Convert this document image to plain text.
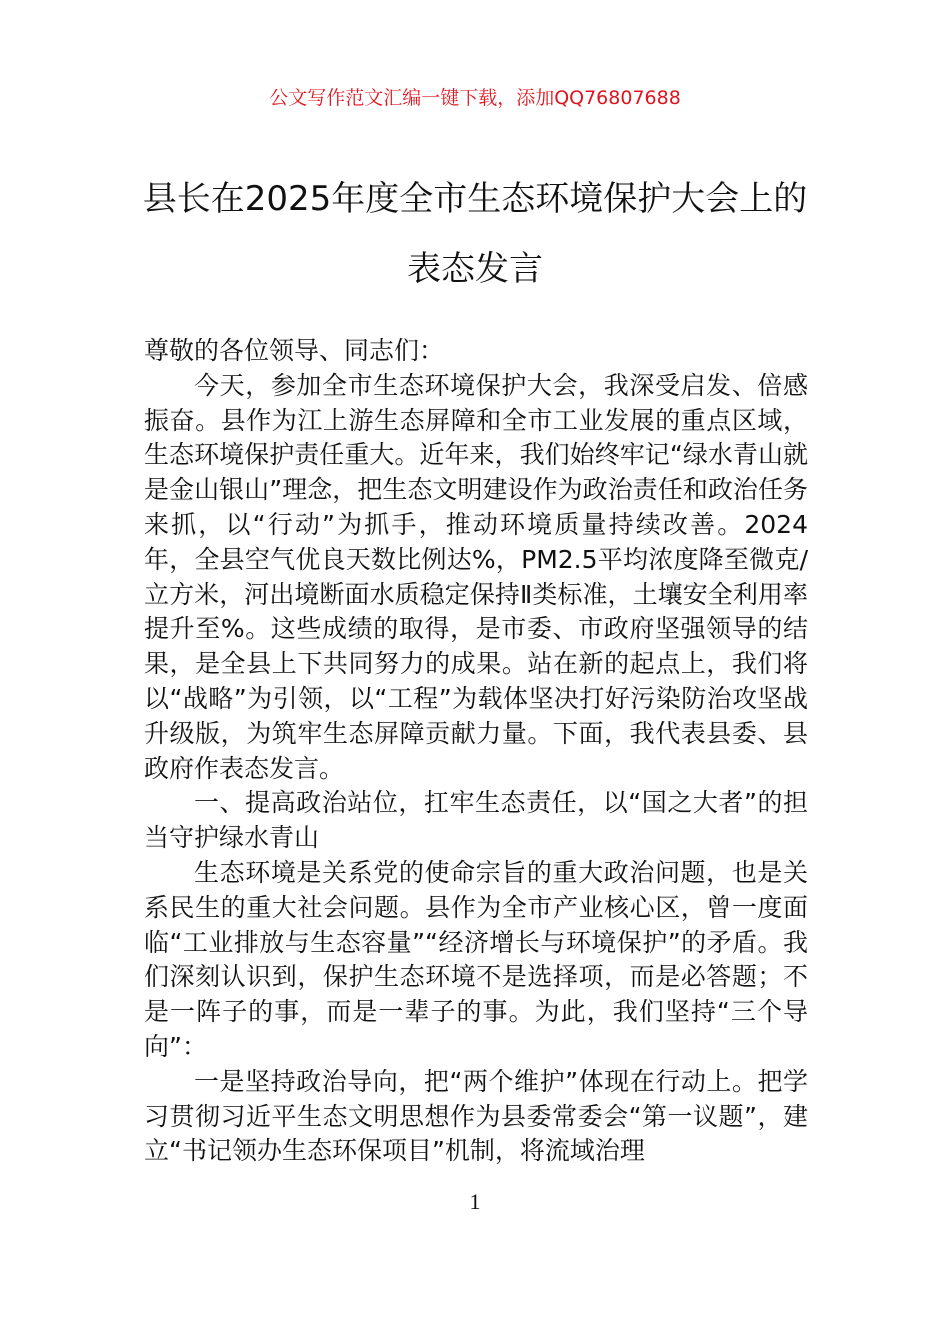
公文写作范文汇编一键下载，添加QQ76807688
县长在2025年度全市生态环境保护大会上的表态发言

尊敬的各位领导、同志们：

今天，参加全市生态环境保护大会，我深受启发、倍感振奋。县作为江上游生态屏障和全市工业发展的重点区域，生态环境保护责任重大。近年来，我们始终牢记“绿水青山就是金山银山”理念，把生态文明建设作为政治责任和政治任务来抓，以“行动”为抓手，推动环境质量持续改善。2024年，全县空气优良天数比例达%，PM2.5平均浓度降至微克/立方米，河出境断面水质稳定保持Ⅱ类标准，土壤安全利用率提升至%。这些成绩的取得，是市委、市政府坚强领导的结果，是全县上下共同努力的成果。站在新的起点上，我们将以“战略”为引领，以“工程”为载体坚决打好污染防治攻坚战升级版，为筑牢生态屏障贡献力量。下面，我代表县委、县政府作表态发言。

一、提高政治站位，扛牢生态责任，以“国之大者”的担当守护绿水青山

生态环境是关系党的使命宗旨的重大政治问题，也是关系民生的重大社会问题。县作为全市产业核心区，曾一度面临“工业排放与生态容量”“经济增长与环境保护”的矛盾。我们深刻认识到，保护生态环境不是选择项，而是必答题；不是一阵子的事，而是一辈子的事。为此，我们坚持“三个导向”：

一是坚持政治导向，把“两个维护”体现在行动上。把学习贯彻习近平生态文明思想作为县委常委会“第一议题”，建立“书记领办生态环保项目”机制，将流域治理

1
